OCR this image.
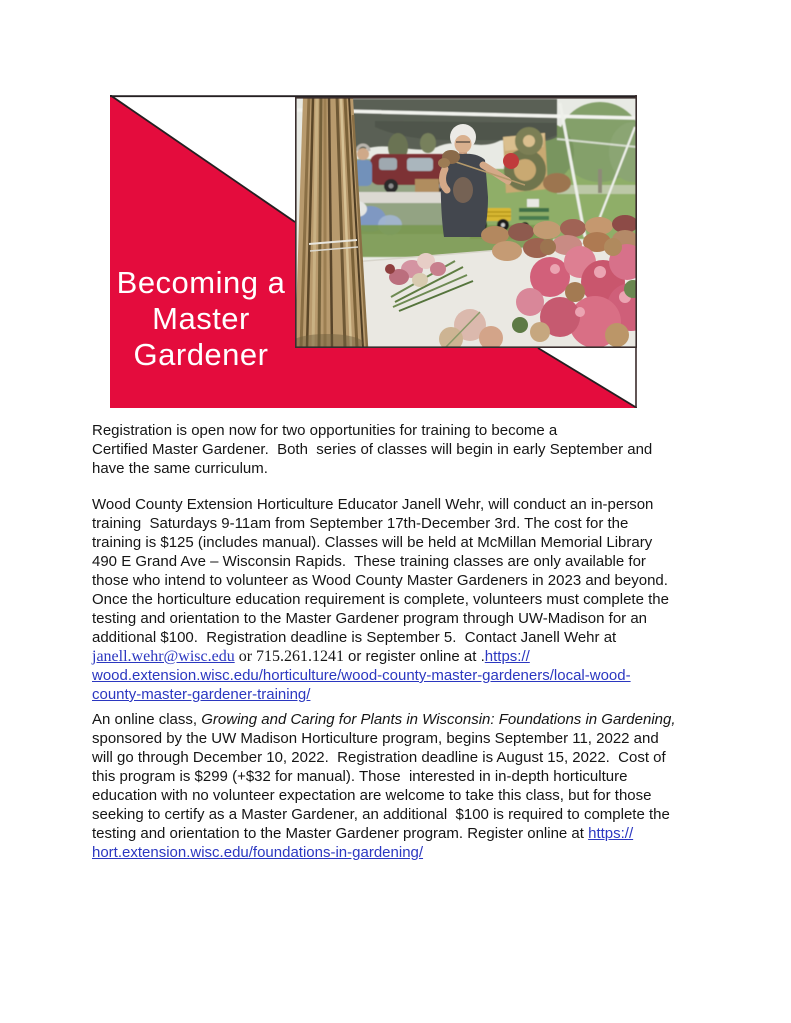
Becoming a
Master
Gardener

Registration is open now for two opportunities for training to become a
Certified Master Gardener.  Both  series of classes will begin in early September and
have the same curriculum.

Wood County Extension Horticulture Educator Janell Wehr, will conduct an in-person
training  Saturdays 9-11am from September 17th-December 3rd. The cost for the
training is $125 (includes manual). Classes will be held at McMillan Memorial Library
490 E Grand Ave – Wisconsin Rapids.  These training classes are only available for
those who intend to volunteer as Wood County Master Gardeners in 2023 and beyond.
Once the horticulture education requirement is complete, volunteers must complete the
testing and orientation to the Master Gardener program through UW-Madison for an
additional $100.  Registration deadline is September 5.  Contact Janell Wehr at
janell.wehr@wisc.edu or 715.261.1241 or register online at .https://
wood.extension.wisc.edu/horticulture/wood-county-master-gardeners/local-wood-
county-master-gardener-training/

An online class, Growing and Caring for Plants in Wisconsin: Foundations in Gardening,
sponsored by the UW Madison Horticulture program, begins September 11, 2022 and
will go through December 10, 2022.  Registration deadline is August 15, 2022.  Cost of
this program is $299 (+$32 for manual). Those  interested in in-depth horticulture
education with no volunteer expectation are welcome to take this class, but for those
seeking to certify as a Master Gardener, an additional  $100 is required to complete the
testing and orientation to the Master Gardener program. Register online at https://
hort.extension.wisc.edu/foundations-in-gardening/
